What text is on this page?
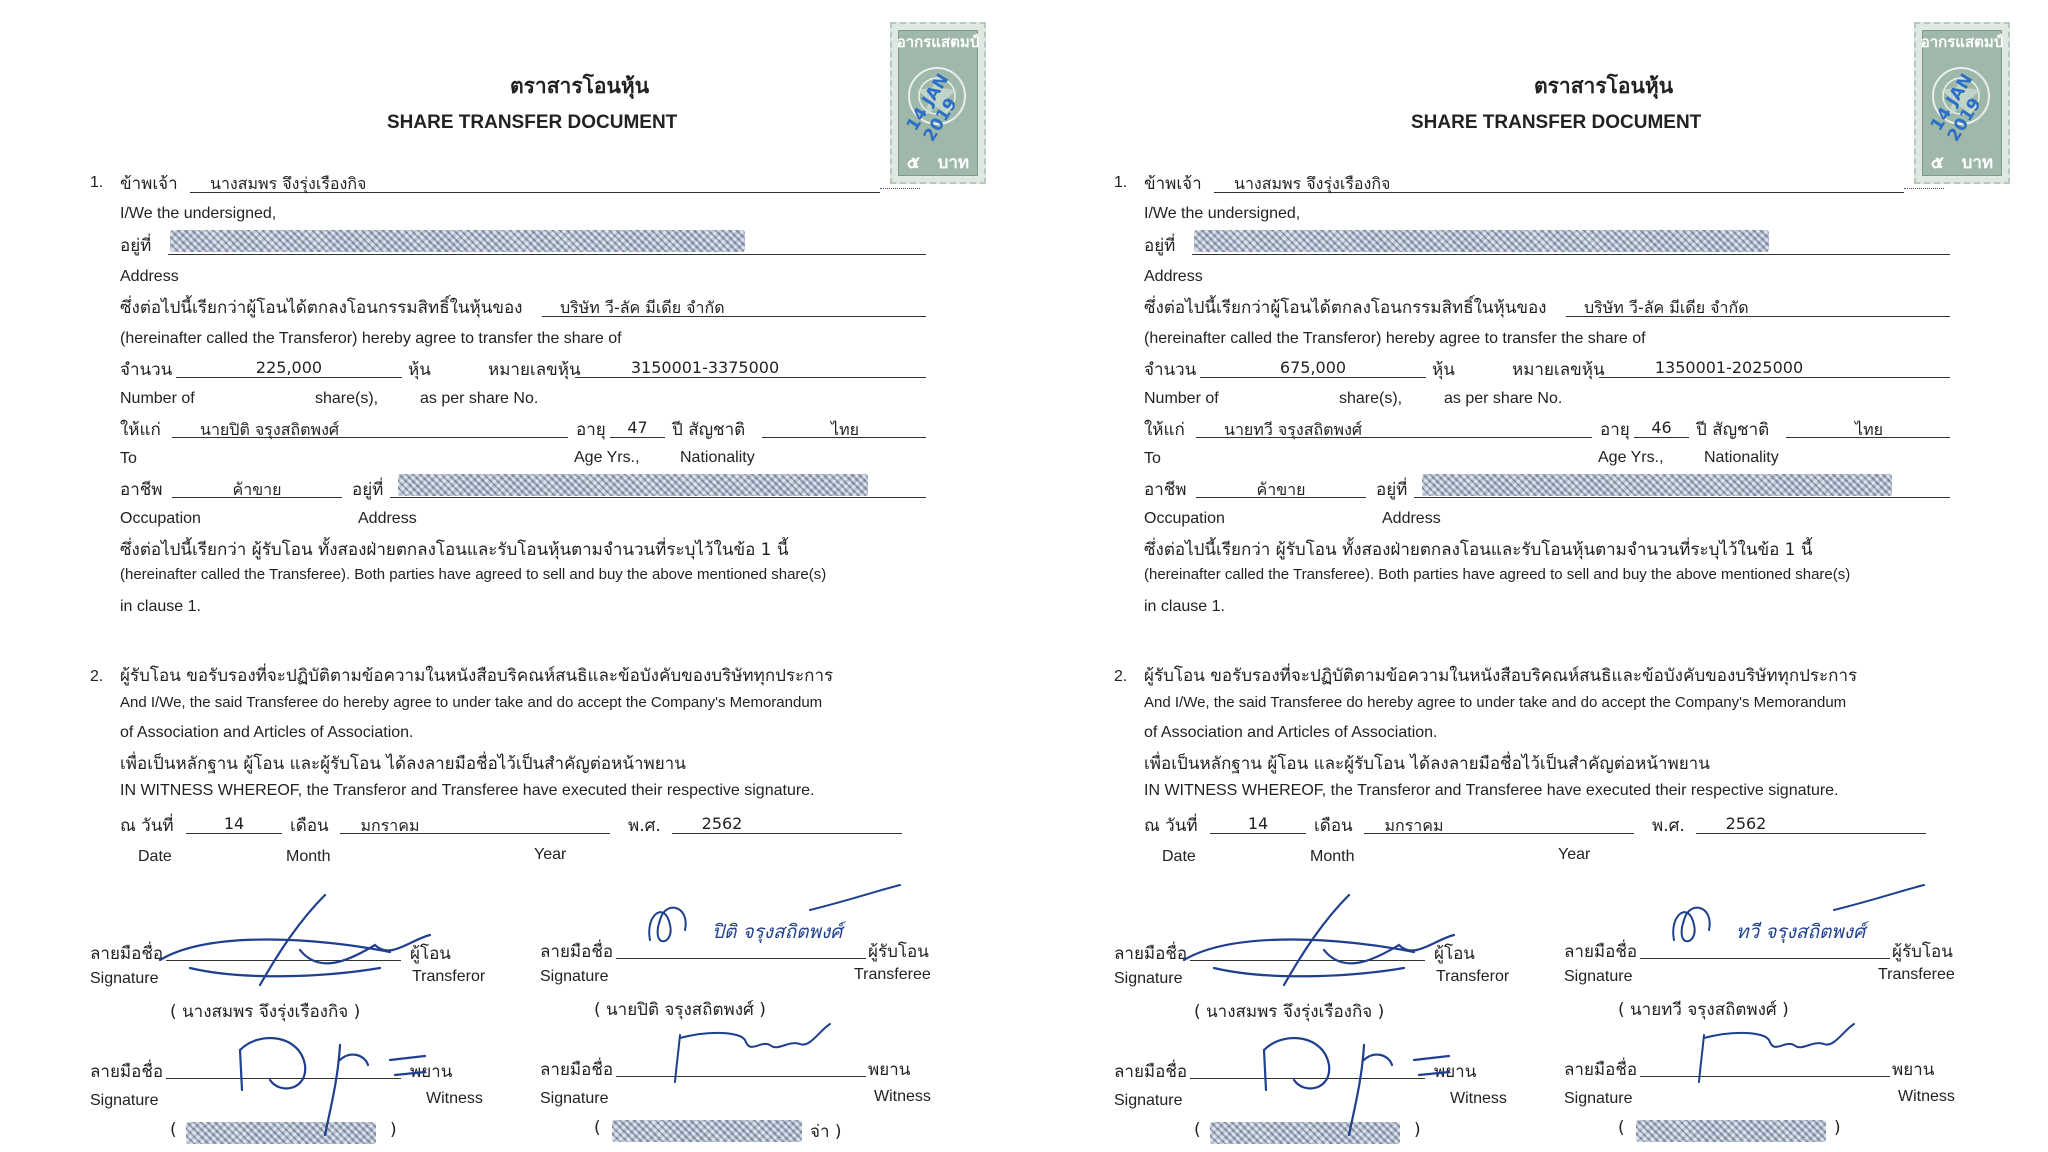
อากรแสตมป์
14 JAN 2019
๕ บาท
ตราสารโอนหุ้น
SHARE TRANSFER DOCUMENT
1. ข้าพเจ้า นางสมพร จึงรุ่งเรืองกิจ
I/We the undersigned,
อยู่ที่
Address
ซึ่งต่อไปนี้เรียกว่าผู้โอนได้ตกลงโอนกรรมสิทธิ์ในหุ้นของ บริษัท วี-ลัค มีเดีย จำกัด
(hereinafter called the Transferor) hereby agree to transfer the share of
จำนวน	225,000	หุ้น	หมายเลขหุ้น	3150001-3375000
Number of	share(s),	as per share No.
ให้แก่ นายปิติ จรุงสถิตพงศ์	อายุ	47	ปี สัญชาติ	ไทย
To	Age Yrs.,	Nationality
อาชีพ	ค้าขาย	อยู่ที่
Occupation	Address
ซึ่งต่อไปนี้เรียกว่า ผู้รับโอน ทั้งสองฝ่ายตกลงโอนและรับโอนหุ้นตามจำนวนที่ระบุไว้ในข้อ 1 นี้
(hereinafter called the Transferee). Both parties have agreed to sell and buy the above mentioned share(s)
in clause 1.
2. ผู้รับโอน ขอรับรองที่จะปฏิบัติตามข้อความในหนังสือบริคณห์สนธิและข้อบังคับของบริษัททุกประการ
And I/We, the said Transferee do hereby agree to under take and do accept the Company's Memorandum
of Association and Articles of Association.
เพื่อเป็นหลักฐาน ผู้โอน และผู้รับโอน ได้ลงลายมือชื่อไว้เป็นสำคัญต่อหน้าพยาน
IN WITNESS WHEREOF, the Transferor and Transferee have executed their respective signature.
ณ วันที่	14	เดือน	มกราคม	พ.ศ.	2562
Date	Month	Year
ลายมือชื่อ	ผู้โอน
Signature	Transferor
( นางสมพร จึงรุ่งเรืองกิจ )
ลายมือชื่อ	ผู้รับโอน
Signature	Transferee
( นายปิติ จรุงสถิตพงศ์ )
ลายมือชื่อ	พยาน
Signature	Witness
(	)
ลายมือชื่อ	พยาน
Signature	Witness
(	จ่า )
ปิติ จรุงสถิตพงศ์
อากรแสตมป์
14 JAN 2019
๕ บาท
ตราสารโอนหุ้น
SHARE TRANSFER DOCUMENT
1. ข้าพเจ้า นางสมพร จึงรุ่งเรืองกิจ
I/We the undersigned,
อยู่ที่
Address
ซึ่งต่อไปนี้เรียกว่าผู้โอนได้ตกลงโอนกรรมสิทธิ์ในหุ้นของ บริษัท วี-ลัค มีเดีย จำกัด
(hereinafter called the Transferor) hereby agree to transfer the share of
จำนวน	675,000	หุ้น	หมายเลขหุ้น	1350001-2025000
Number of	share(s),	as per share No.
ให้แก่ นายทวี จรุงสถิตพงศ์	อายุ	46	ปี สัญชาติ	ไทย
To	Age Yrs.,	Nationality
อาชีพ	ค้าขาย	อยู่ที่
Occupation	Address
ซึ่งต่อไปนี้เรียกว่า ผู้รับโอน ทั้งสองฝ่ายตกลงโอนและรับโอนหุ้นตามจำนวนที่ระบุไว้ในข้อ 1 นี้
(hereinafter called the Transferee). Both parties have agreed to sell and buy the above mentioned share(s)
in clause 1.
2. ผู้รับโอน ขอรับรองที่จะปฏิบัติตามข้อความในหนังสือบริคณห์สนธิและข้อบังคับของบริษัททุกประการ
And I/We, the said Transferee do hereby agree to under take and do accept the Company's Memorandum
of Association and Articles of Association.
เพื่อเป็นหลักฐาน ผู้โอน และผู้รับโอน ได้ลงลายมือชื่อไว้เป็นสำคัญต่อหน้าพยาน
IN WITNESS WHEREOF, the Transferor and Transferee have executed their respective signature.
ณ วันที่	14	เดือน	มกราคม	พ.ศ.	2562
Date	Month	Year
ลายมือชื่อ	ผู้โอน
Signature	Transferor
( นางสมพร จึงรุ่งเรืองกิจ )
ลายมือชื่อ	ผู้รับโอน
Signature	Transferee
( นายทวี จรุงสถิตพงศ์ )
ลายมือชื่อ	พยาน
Signature	Witness
(	)
ลายมือชื่อ	พยาน
Signature	Witness
(	)
ทวี จรุงสถิตพงศ์
